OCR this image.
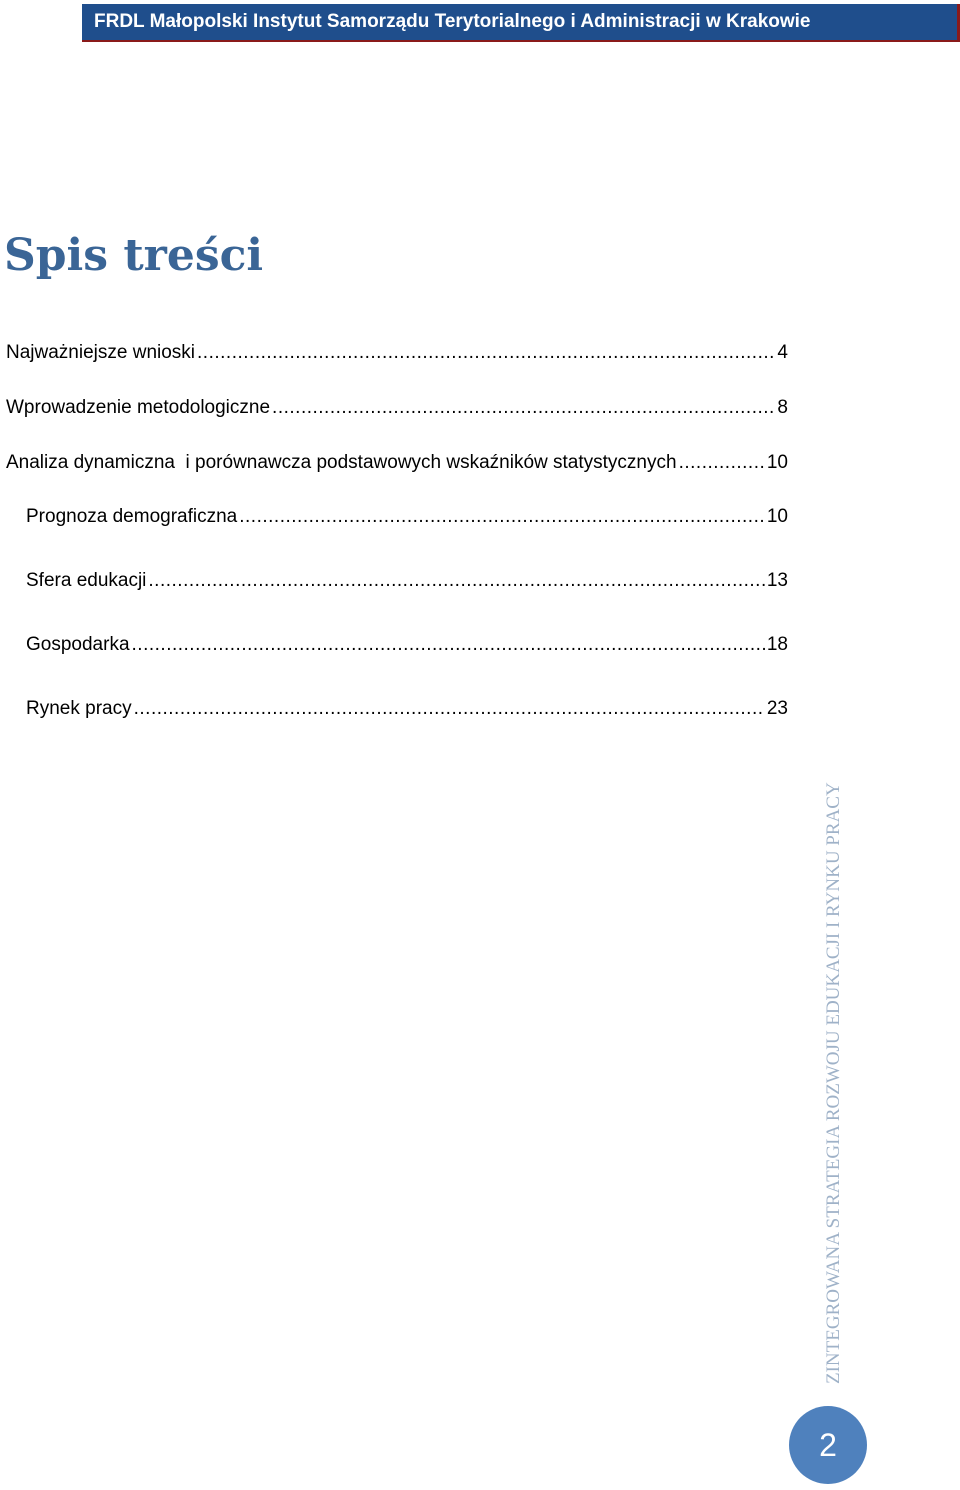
FRDL Małopolski Instytut Samorządu Terytorialnego i Administracji w Krakowie
Spis treści
Najważniejsze wnioski .....	4
Wprowadzenie metodologiczne .....	8
Analiza dynamiczna  i porównawcza podstawowych wskaźników statystycznych .....	10
Prognoza demograficzna .....	10
Sfera edukacji .....	13
Gospodarka .....	18
Rynek pracy .....	23
ZINTEGROWANA STRATEGIA ROZWOJU EDUKACJI I RYNKU PRACY
2
